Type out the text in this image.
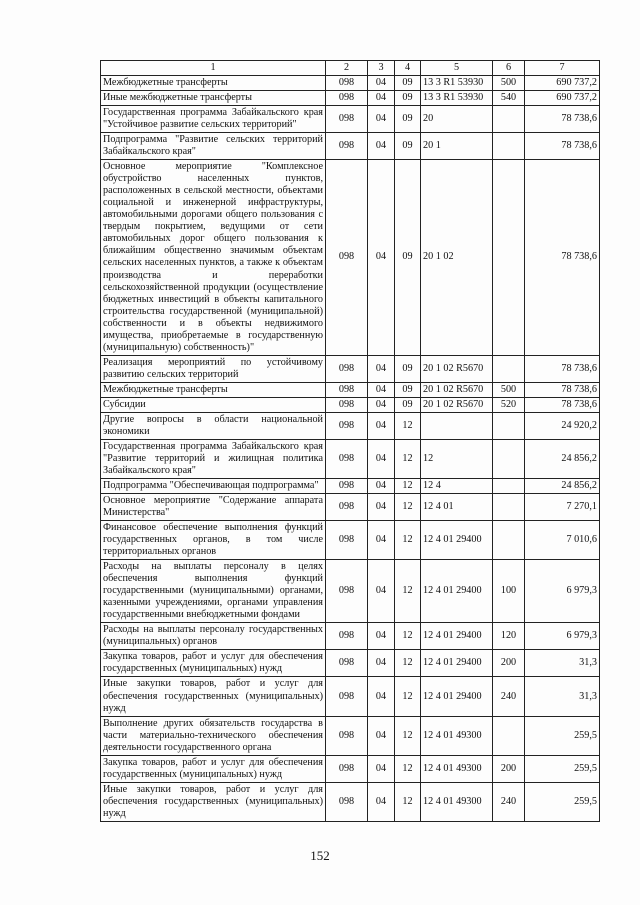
1	2	3	4	5	6	7
Межбюджетные трансферты	098	04	09	13 3 R1 53930	500	690 737,2
Иные межбюджетные трансферты	098	04	09	13 3 R1 53930	540	690 737,2
Государственная программа Забайкальского края "Устойчивое развитие сельских территорий"	098	04	09	20		78 738,6
Подпрограмма "Развитие сельских территорий Забайкальского края"	098	04	09	20 1		78 738,6
Основное мероприятие "Комплексное обустройство населенных пунктов, расположенных в сельской местности, объектами социальной и инженерной инфраструктуры, автомобильными дорогами общего пользования с твердым покрытием, ведущими от сети автомобильных дорог общего пользования к ближайшим общественно значимым объектам сельских населенных пунктов, а также к объектам производства и переработки сельскохозяйственной продукции (осуществление бюджетных инвестиций в объекты капитального строительства государственной (муниципальной) собственности и в объекты недвижимого имущества, приобретаемые в государственную (муниципальную) собственность)"	098	04	09	20 1 02		78 738,6
Реализация мероприятий по устойчивому развитию сельских территорий	098	04	09	20 1 02 R5670		78 738,6
Межбюджетные трансферты	098	04	09	20 1 02 R5670	500	78 738,6
Субсидии	098	04	09	20 1 02 R5670	520	78 738,6
Другие вопросы в области национальной экономики	098	04	12			24 920,2
Государственная программа Забайкальского края "Развитие территорий и жилищная политика Забайкальского края"	098	04	12	12		24 856,2
Подпрограмма "Обеспечивающая подпрограмма"	098	04	12	12 4		24 856,2
Основное мероприятие "Содержание аппарата Министерства"	098	04	12	12 4 01		7 270,1
Финансовое обеспечение выполнения функций государственных органов, в том числе территориальных органов	098	04	12	12 4 01 29400		7 010,6
Расходы на выплаты персоналу в целях обеспечения выполнения функций государственными (муниципальными) органами, казенными учреждениями, органами управления государственными внебюджетными фондами	098	04	12	12 4 01 29400	100	6 979,3
Расходы на выплаты персоналу государственных (муниципальных) органов	098	04	12	12 4 01 29400	120	6 979,3
Закупка товаров, работ и услуг для обеспечения государственных (муниципальных) нужд	098	04	12	12 4 01 29400	200	31,3
Иные закупки товаров, работ и услуг для обеспечения государственных (муниципальных) нужд	098	04	12	12 4 01 29400	240	31,3
Выполнение других обязательств государства в части материально-технического обеспечения деятельности государственного органа	098	04	12	12 4 01 49300		259,5
Закупка товаров, работ и услуг для обеспечения государственных (муниципальных) нужд	098	04	12	12 4 01 49300	200	259,5
Иные закупки товаров, работ и услуг для обеспечения государственных (муниципальных) нужд	098	04	12	12 4 01 49300	240	259,5
152
